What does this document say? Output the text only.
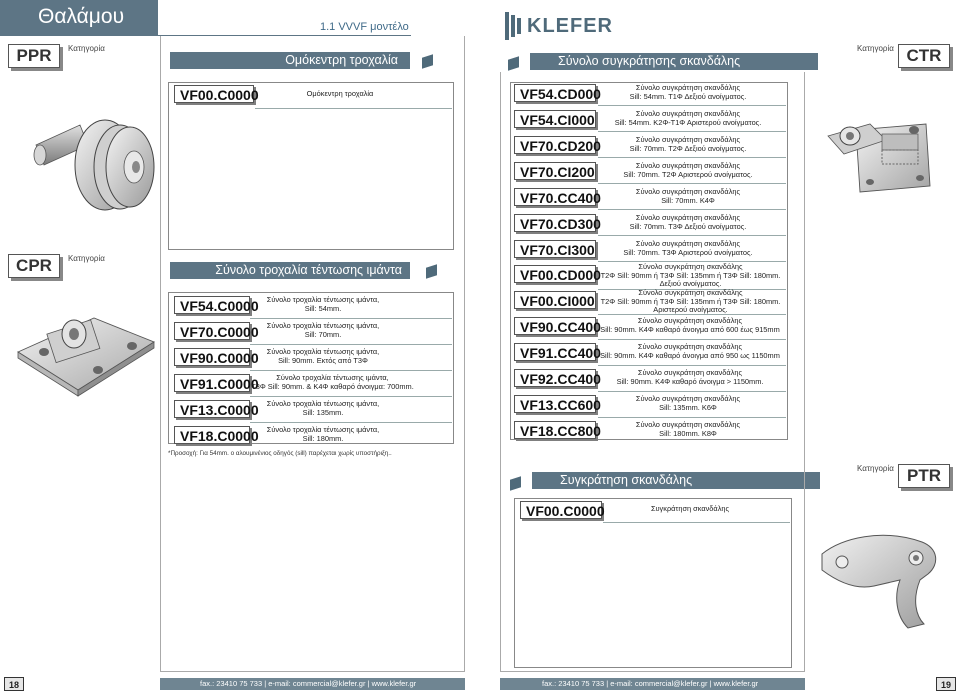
Θαλάμου	1.1 VVVF μοντέλο
PPR	Κατηγορία
Ομόκεντρη τροχαλία
VF00.C0000	Ομόκεντρη τροχαλία
CPR	Κατηγορία
Σύνολο τροχαλία τέντωσης ιμάντα
VF54.C0000	Σύνολο τροχαλία τέντωσης ιμάντα,
Sill: 54mm.
VF70.C0000	Σύνολο τροχαλία τέντωσης ιμάντα,
Sill: 70mm.
VF90.C0000	Σύνολο τροχαλία τέντωσης ιμάντα,
Sill: 90mm. Εκτός από Τ3Φ
VF91.C0000	Σύνολο τροχαλία τέντωσης ιμάντα,
Τ3Φ Sill: 90mm. & Κ4Φ καθαρό άνοιγμα: 700mm.
VF13.C0000	Σύνολο τροχαλία τέντωσης ιμάντα,
Sill: 135mm.
VF18.C0000	Σύνολο τροχαλία τέντωσης ιμάντα,
Sill: 180mm.
*Προσοχή: Για 54mm. ο αλουμινένιος οδηγός (sill) παρέχεται χωρίς υποστήριξη..
18	fax.: 23410 75 733 | e-mail: commercial@klefer.gr | www.klefer.gr
KLEFER
Σύνολο συγκράτησης σκανδάλης
Κατηγορία CTR
VF54.CD000	Σύνολο συγκράτηση σκανδάλης
Sill: 54mm. Τ1Φ Δεξιού ανοίγματος.
VF54.CI000	Σύνολο συγκράτηση σκανδάλης
Sill: 54mm. Κ2Φ-Τ1Φ Αριστερού ανοίγματος.
VF70.CD200	Σύνολο συγκράτηση σκανδάλης
Sill: 70mm. Τ2Φ Δεξιού ανοίγματος.
VF70.CI200	Σύνολο συγκράτηση σκανδάλης
Sill: 70mm. Τ2Φ Αριστερού ανοίγματος.
VF70.CC400	Σύνολο συγκράτηση σκανδάλης
Sill: 70mm. Κ4Φ
VF70.CD300	Σύνολο συγκράτηση σκανδάλης
Sill: 70mm. Τ3Φ Δεξιού ανοίγματος.
VF70.CI300	Σύνολο συγκράτηση σκανδάλης
Sill: 70mm. Τ3Φ Αριστερού ανοίγματος.
VF00.CD000
Σύνολο συγκράτηση σκανδάλης
Τ2Φ Sill: 90mm ή Τ3Φ Sill: 135mm ή Τ3Φ Sill: 180mm.
Δεξιού ανοίγματος.
VF00.CI000
Σύνολο συγκράτηση σκανδάλης
Τ2Φ Sill: 90mm ή Τ3Φ Sill: 135mm ή Τ3Φ Sill: 180mm.
Αριστερού ανοίγματος.
VF90.CC400	Σύνολο συγκράτηση σκανδάλης
Sill: 90mm. Κ4Φ καθαρό άνοιγμα από 600 έως 915mm
VF91.CC400	Σύνολο συγκράτηση σκανδάλης
Sill: 90mm. Κ4Φ καθαρό άνοιγμα από 950 ως 1150mm
VF92.CC400	Σύνολο συγκράτηση σκανδάλης
Sill: 90mm. Κ4Φ καθαρό άνοιγμα > 1150mm.
VF13.CC600	Σύνολο συγκράτηση σκανδάλης
Sill: 135mm. Κ6Φ
VF18.CC800	Σύνολο συγκράτηση σκανδάλης
Sill: 180mm. Κ8Φ
Συγκράτηση σκανδάλης
Κατηγορία PTR
VF00.C0000	Συγκράτηση σκανδάλης
fax.: 23410 75 733 | e-mail: commercial@klefer.gr | www.klefer.gr	19
